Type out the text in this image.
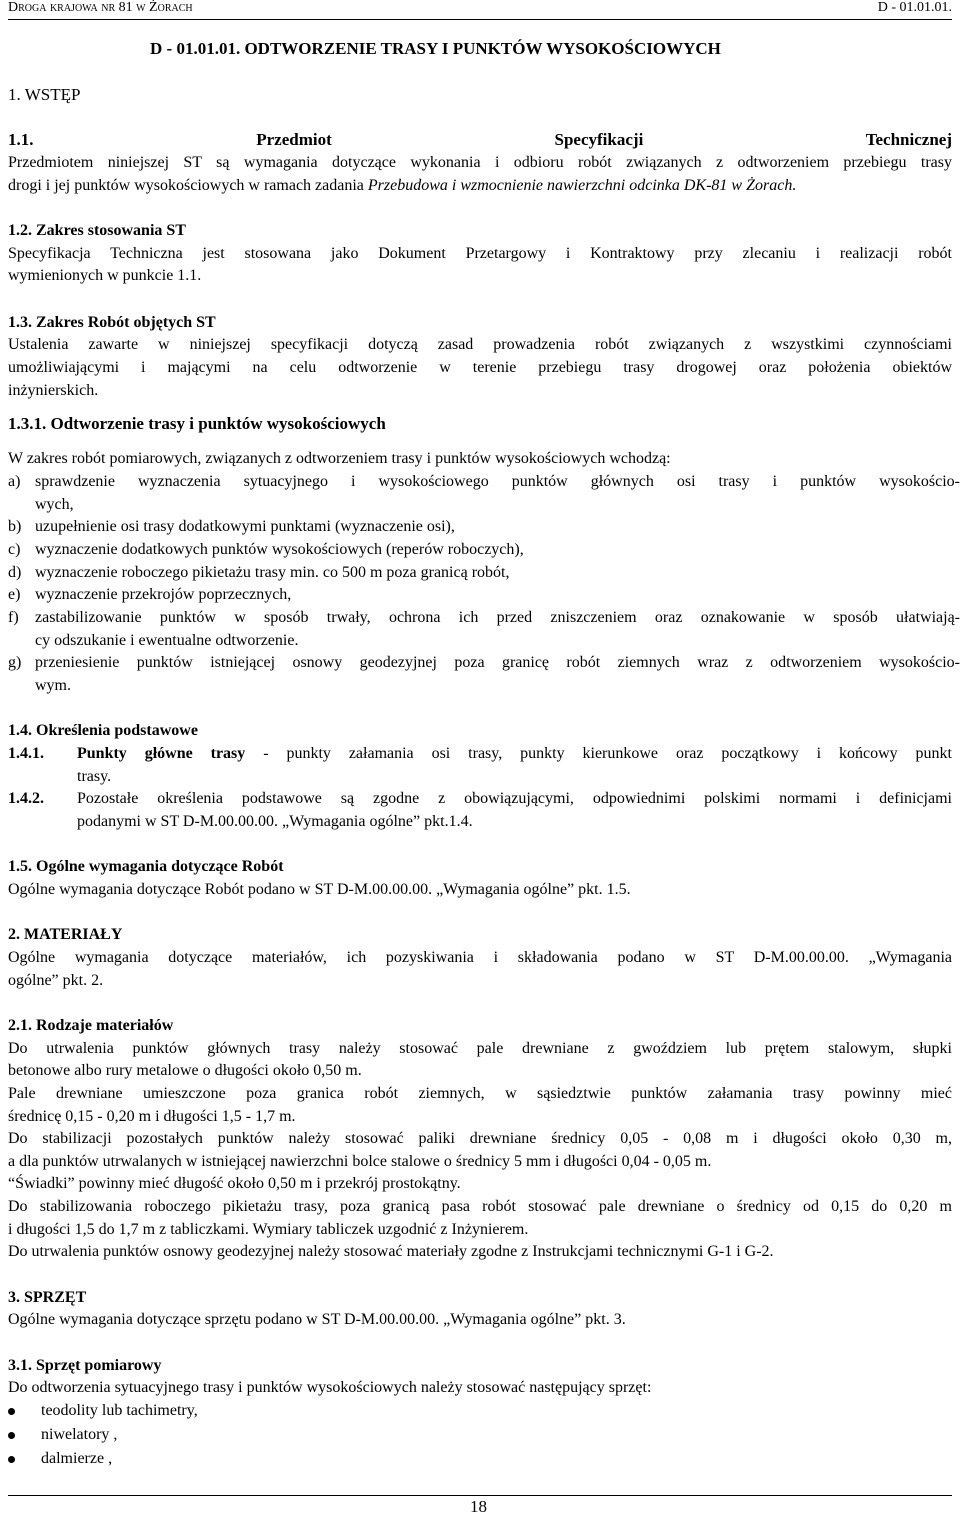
Droga krajowa nr 81 w Żorach	D - 01.01.01.
D - 01.01.01. ODTWORZENIE TRASY I PUNKTÓW WYSOKOŚCIOWYCH
1. WSTĘP
1.1. Przedmiot Specyfikacji Technicznej
Przedmiotem niniejszej ST są wymagania dotyczące wykonania i odbioru robót związanych z odtworzeniem przebiegu trasy
drogi i jej punktów wysokościowych w ramach zadania Przebudowa i wzmocnienie nawierzchni odcinka DK-81 w Żorach.
1.2. Zakres stosowania ST
Specyfikacja Techniczna jest stosowana jako Dokument Przetargowy i Kontraktowy przy zlecaniu i realizacji robót
wymienionych w punkcie 1.1.
1.3. Zakres Robót objętych ST
Ustalenia zawarte w niniejszej specyfikacji dotyczą zasad prowadzenia robót związanych z wszystkimi czynnościami
umożliwiającymi i mającymi na celu odtworzenie w terenie przebiegu trasy drogowej oraz położenia obiektów
inżynierskich.
1.3.1. Odtworzenie trasy i punktów wysokościowych
W zakres robót pomiarowych, związanych z odtworzeniem trasy i punktów wysokościowych wchodzą:
a) sprawdzenie wyznaczenia sytuacyjnego i wysokościowego punktów głównych osi trasy i punktów wysokościo-
wych,
b) uzupełnienie osi trasy dodatkowymi punktami (wyznaczenie osi),
c) wyznaczenie dodatkowych punktów wysokościowych (reperów roboczych),
d) wyznaczenie roboczego pikietażu trasy min. co 500 m poza granicą robót,
e) wyznaczenie przekrojów poprzecznych,
f)	zastabilizowanie punktów w sposób trwały, ochrona ich przed zniszczeniem oraz oznakowanie w sposób ułatwiają-
cy odszukanie i ewentualne odtworzenie.
g) przeniesienie punktów istniejącej osnowy geodezyjnej poza granicę robót ziemnych wraz z odtworzeniem wysokościo-
wym.
1.4. Określenia podstawowe
1.4.1. Punkty główne trasy - punkty załamania osi trasy, punkty kierunkowe oraz początkowy i końcowy punkt
trasy.
1.4.2. Pozostałe określenia podstawowe są zgodne z obowiązującymi, odpowiednimi polskimi normami i definicjami
podanymi w ST D-M.00.00.00. „Wymagania ogólne” pkt.1.4.
1.5. Ogólne wymagania dotyczące Robót
Ogólne wymagania dotyczące Robót podano w ST D-M.00.00.00. „Wymagania ogólne” pkt. 1.5.
2. MATERIAŁY
Ogólne wymagania dotyczące materiałów, ich pozyskiwania i składowania podano w ST D-M.00.00.00. „Wymagania
ogólne” pkt. 2.
2.1. Rodzaje materiałów
Do utrwalenia punktów głównych trasy należy stosować pale drewniane z gwoździem lub prętem stalowym, słupki
betonowe albo rury metalowe o długości około 0,50 m.
Pale drewniane umieszczone poza granica robót ziemnych, w sąsiedztwie punktów załamania trasy powinny mieć
średnicę 0,15 - 0,20 m i długości 1,5 - 1,7 m.
Do stabilizacji pozostałych punktów należy stosować paliki drewniane średnicy 0,05 - 0,08 m i długości około 0,30 m,
a dla punktów utrwalanych w istniejącej nawierzchni bolce stalowe o średnicy 5 mm i długości 0,04 - 0,05 m.
“Świadki” powinny mieć długość około 0,50 m i przekrój prostokątny.
Do stabilizowania roboczego pikietażu trasy, poza granicą pasa robót stosować pale drewniane o średnicy od 0,15 do 0,20 m
i długości 1,5 do 1,7 m z tabliczkami. Wymiary tabliczek uzgodnić z Inżynierem.
Do utrwalenia punktów osnowy geodezyjnej należy stosować materiały zgodne z Instrukcjami technicznymi G-1 i G-2.
3. SPRZĘT
Ogólne wymagania dotyczące sprzętu podano w ST D-M.00.00.00. „Wymagania ogólne” pkt. 3.
3.1. Sprzęt pomiarowy
Do odtworzenia sytuacyjnego trasy i punktów wysokościowych należy stosować następujący sprzęt:
teodolity lub tachimetry,
niwelatory ,
dalmierze ,
18
